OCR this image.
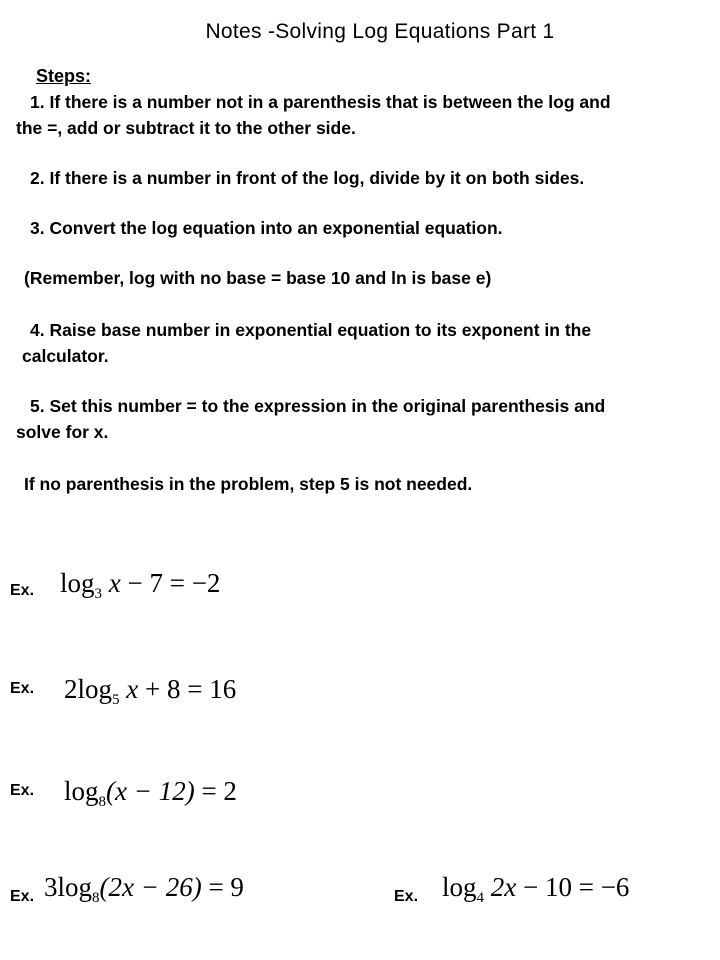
Notes -Solving Log Equations Part 1
Steps:
1. If there is a number not in a parenthesis that is between the log and
the =, add or subtract it to the other side.
2. If there is a number in front of the log, divide by it on both sides.
3. Convert the log equation into an exponential equation.
(Remember, log with no base = base 10 and ln is base e)
4. Raise base number in exponential equation to its exponent in the
calculator.
5. Set this number = to the expression in the original parenthesis and
solve for x.
If no parenthesis in the problem, step 5 is not needed.
Ex. $\log_3 x - 7 = -2$
Ex. $2\log_5$ x + 8 = 16
Ex. $\log_8(x - 12) = 2$
Ex. $3\log_8(2x - 26) = 9$	Ex. $\log_4 2x - 10 = -6$
